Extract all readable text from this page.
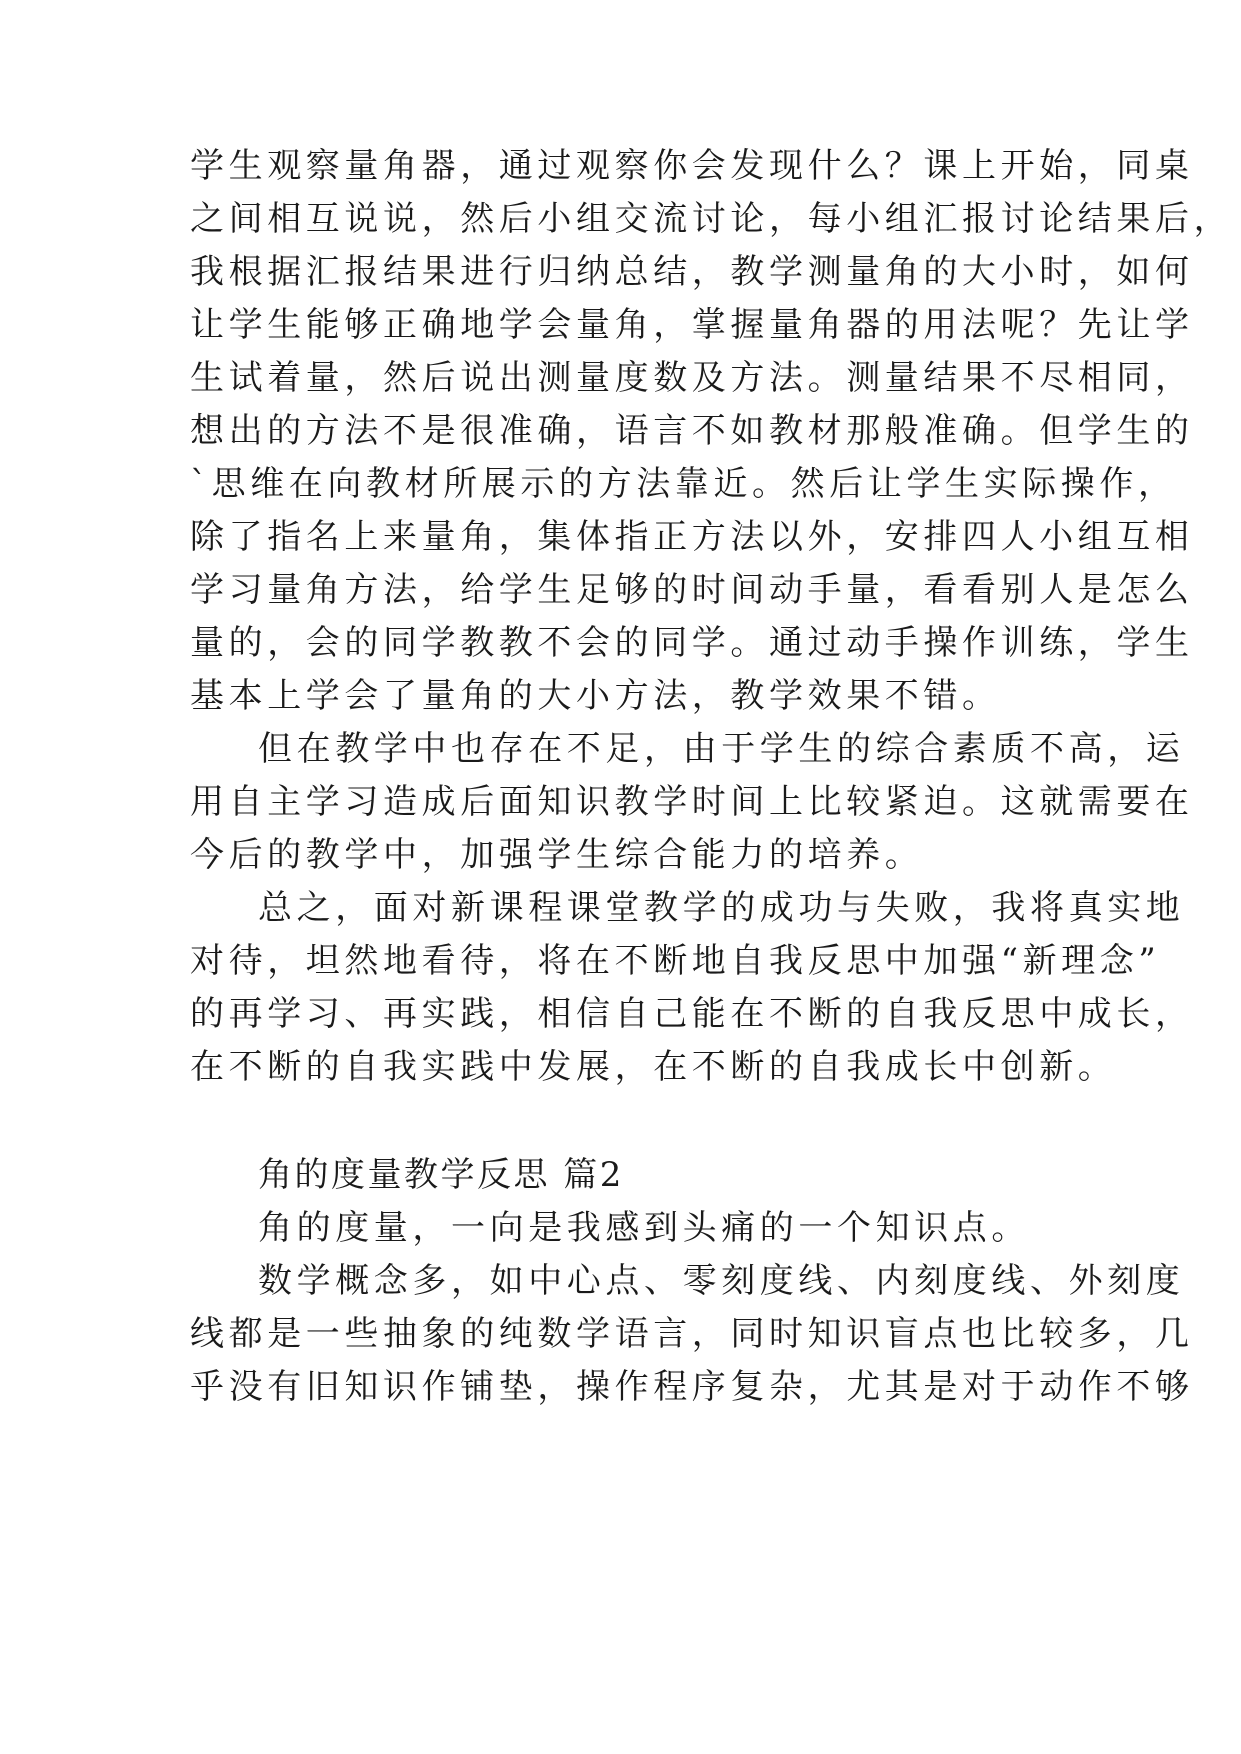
学生观察量角器，通过观察你会发现什么？课上开始，同桌
之间相互说说，然后小组交流讨论，每小组汇报讨论结果后，
我根据汇报结果进行归纳总结，教学测量角的大小时，如何
让学生能够正确地学会量角，掌握量角器的用法呢？先让学
生试着量，然后说出测量度数及方法。测量结果不尽相同，
想出的方法不是很准确，语言不如教材那般准确。但学生的
`思维在向教材所展示的方法靠近。然后让学生实际操作，
除了指名上来量角，集体指正方法以外，安排四人小组互相
学习量角方法，给学生足够的时间动手量，看看别人是怎么
量的，会的同学教教不会的同学。通过动手操作训练，学生
基本上学会了量角的大小方法，教学效果不错。
但在教学中也存在不足，由于学生的综合素质不高，运
用自主学习造成后面知识教学时间上比较紧迫。这就需要在
今后的教学中，加强学生综合能力的培养。
总之，面对新课程课堂教学的成功与失败，我将真实地
对待，坦然地看待，将在不断地自我反思中加强“新理念”
的再学习、再实践，相信自己能在不断的自我反思中成长，
在不断的自我实践中发展，在不断的自我成长中创新。
角的度量教学反思 篇2
角的度量，一向是我感到头痛的一个知识点。
数学概念多，如中心点、零刻度线、内刻度线、外刻度
线都是一些抽象的纯数学语言，同时知识盲点也比较多，几
乎没有旧知识作铺垫，操作程序复杂，尤其是对于动作不够
